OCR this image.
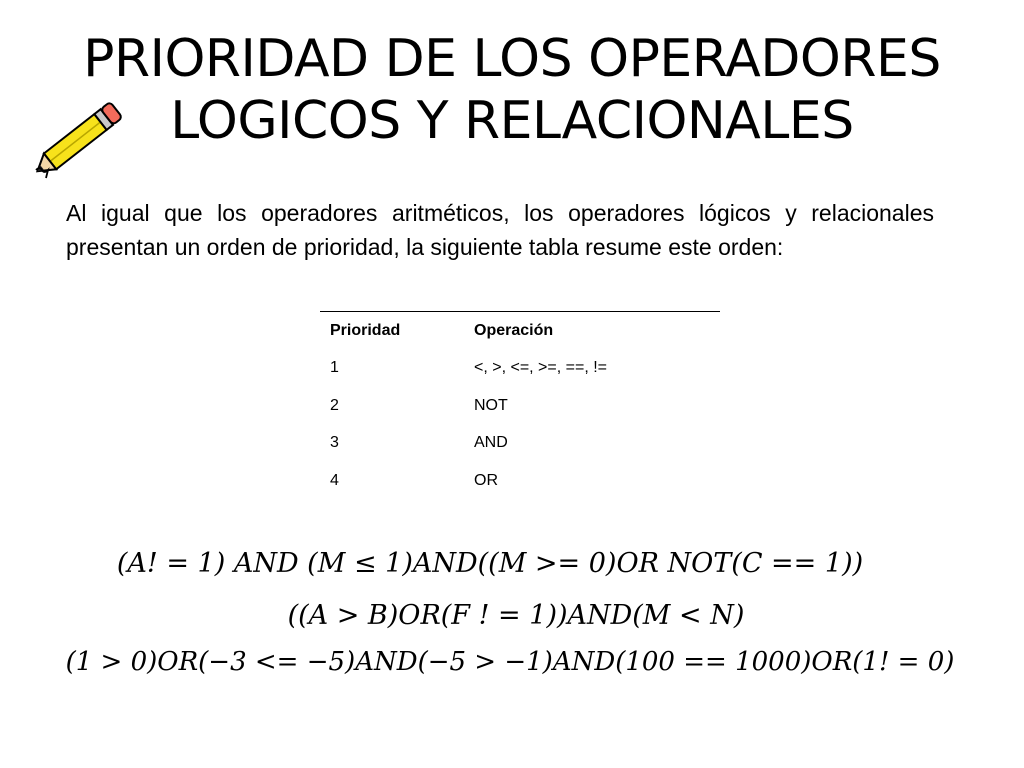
PRIORIDAD DE LOS OPERADORES
LOGICOS Y RELACIONALES

Al igual que los operadores aritméticos, los operadores lógicos y relacionales presentan un orden de prioridad, la siguiente tabla resume este orden:

Prioridad	Operación
1	<, >, <=, >=, ==, !=
2	NOT
3	AND
4	OR
(A! = 1) AND (M ≤ 1)AND((M >= 0)OR NOT(C == 1))
((A > B)OR(F ! = 1))AND(M < N)
(1 > 0)OR(−3 <= −5)AND(−5 > −1)AND(100 == 1000)OR(1! = 0)
